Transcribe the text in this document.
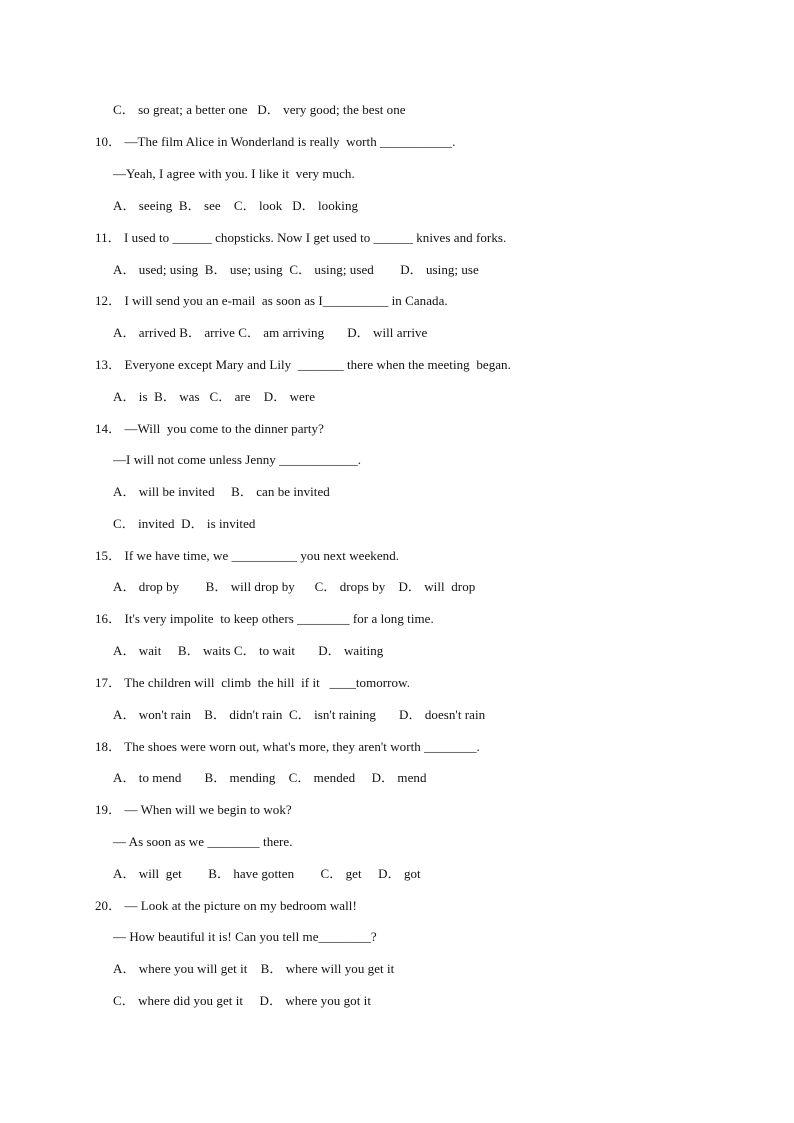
C． so great; a better one   D． very good; the best one
10． —The film Alice in Wonderland is really  worth ___________.
—Yeah, I agree with you. I like it  very much.
A． seeing  B． see    C． look   D． looking
11． I used to ______ chopsticks. Now I get used to ______ knives and forks.
A． used; using  B． use; using  C． using; used        D． using; use
12． I will send you an e-mail  as soon as I__________ in Canada.
A． arrived B． arrive C． am arriving       D． will arrive
13． Everyone except Mary and Lily  _______ there when the meeting  began.
A． is  B． was   C． are    D． were
14． —Will  you come to the dinner party?
—I will not come unless Jenny ____________.
A． will be invited     B． can be invited
C． invited  D． is invited
15． If we have time, we __________ you next weekend.
A． drop by        B． will drop by      C． drops by    D． will  drop
16． It's very impolite  to keep others ________ for a long time.
A． wait     B． waits C． to wait       D． waiting
17． The children will  climb  the hill  if it   ____tomorrow.
A． won't rain    B． didn't rain  C． isn't raining       D． doesn't rain
18． The shoes were worn out, what's more, they aren't worth ________.
A． to mend       B． mending    C． mended     D． mend
19． — When will we begin to wok?
— As soon as we ________ there.
A． will  get        B． have gotten        C． get     D． got
20． — Look at the picture on my bedroom wall!
— How beautiful it is! Can you tell me________?
A． where you will get it    B． where will you get it
C． where did you get it     D． where you got it
